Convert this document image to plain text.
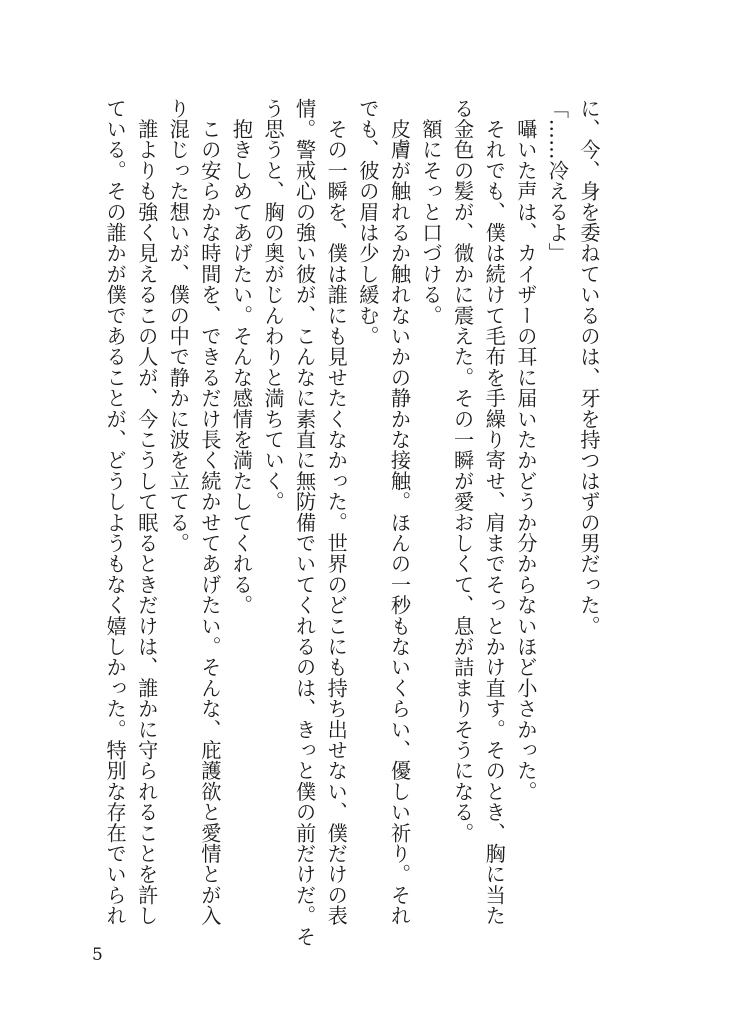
に、今、身を委ねているのは、牙を持つはずの男だった。
「……冷えるよ」
　囁いた声は、カイザーの耳に届いたかどうか分からないほど小さかった。
　それでも、僕は続けて毛布を手繰り寄せ、肩までそっとかけ直す。そのとき、胸に当た
る金色の髪が、微かに震えた。その一瞬が愛おしくて、息が詰まりそうになる。
　額にそっと口づける。
　皮膚が触れるか触れないかの静かな接触。ほんの一秒もないくらい、優しい祈り。それ
でも、彼の眉は少し緩む。
　その一瞬を、僕は誰にも見せたくなかった。世界のどこにも持ち出せない、僕だけの表
情。警戒心の強い彼が、こんなに素直に無防備でいてくれるのは、きっと僕の前だけだ。そ
う思うと、胸の奥がじんわりと満ちていく。
　抱きしめてあげたい。そんな感情を満たしてくれる。
　この安らかな時間を、できるだけ長く続かせてあげたい。そんな、庇護欲と愛情とが入
り混じった想いが、僕の中で静かに波を立てる。
　誰よりも強く見えるこの人が、今こうして眠るときだけは、誰かに守られることを許し
ている。その誰かが僕であることが、どうしようもなく嬉しかった。特別な存在でいられ
5
